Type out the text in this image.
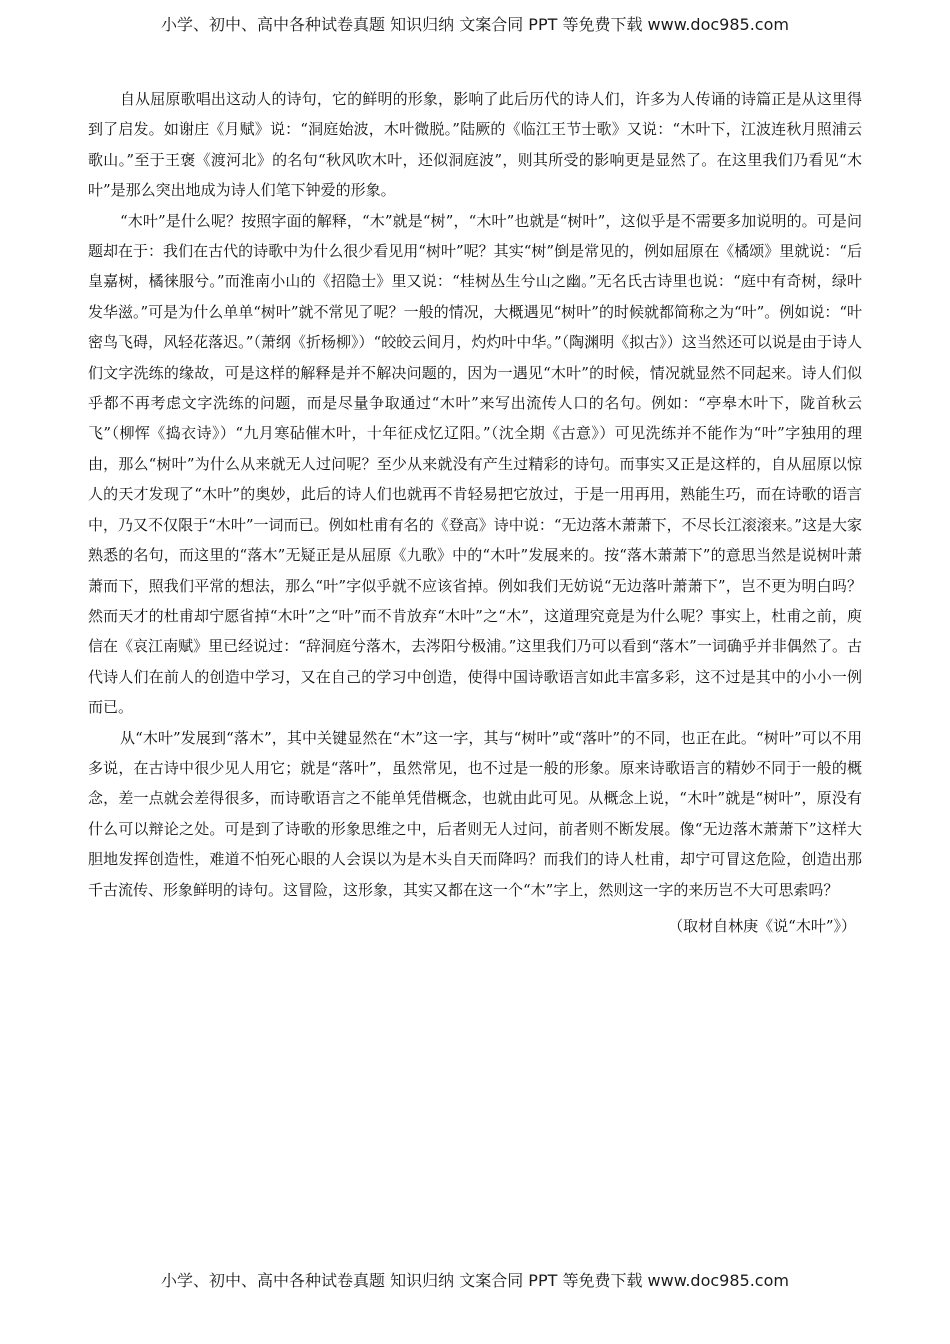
小学、初中、高中各种试卷真题 知识归纳 文案合同 PPT 等免费下载 www.doc985.com

自从屈原歌唱出这动人的诗句，它的鲜明的形象，影响了此后历代的诗人们，许多为人传诵的诗篇正是从这里得到了启发。如谢庄《月赋》说：“洞庭始波，木叶微脱。”陆厥的《临江王节士歌》又说：“木叶下，江波连秋月照浦云歌山。”至于王褒《渡河北》的名句“秋风吹木叶，还似洞庭波”，则其所受的影响更是显然了。在这里我们乃看见“木叶”是那么突出地成为诗人们笔下钟爱的形象。

“木叶”是什么呢？按照字面的解释，“木”就是“树”，“木叶”也就是“树叶”，这似乎是不需要多加说明的。可是问题却在于：我们在古代的诗歌中为什么很少看见用“树叶”呢？其实“树”倒是常见的，例如屈原在《橘颂》里就说：“后皇嘉树，橘徕服兮。”而淮南小山的《招隐士》里又说：“桂树丛生兮山之幽。”无名氏古诗里也说：“庭中有奇树，绿叶发华滋。”可是为什么单单“树叶”就不常见了呢？一般的情况，大概遇见“树叶”的时候就都简称之为“叶”。例如说：“叶密鸟飞碍，风轻花落迟。”（萧纲《折杨柳》）“皎皎云间月，灼灼叶中华。”（陶渊明《拟古》）这当然还可以说是由于诗人们文字洗练的缘故，可是这样的解释是并不解决问题的，因为一遇见“木叶”的时候，情况就显然不同起来。诗人们似乎都不再考虑文字洗练的问题，而是尽量争取通过“木叶”来写出流传人口的名句。例如：“亭皋木叶下，陇首秋云飞”（柳恽《捣衣诗》）“九月寒砧催木叶，十年征戍忆辽阳。”（沈全期《古意》）可见洗练并不能作为“叶”字独用的理由，那么“树叶”为什么从来就无人过问呢？至少从来就没有产生过精彩的诗句。而事实又正是这样的，自从屈原以惊人的天才发现了“木叶”的奥妙，此后的诗人们也就再不肯轻易把它放过，于是一用再用，熟能生巧，而在诗歌的语言中，乃又不仅限于“木叶”一词而已。例如杜甫有名的《登高》诗中说：“无边落木萧萧下，不尽长江滚滚来。”这是大家熟悉的名句，而这里的“落木”无疑正是从屈原《九歌》中的“木叶”发展来的。按“落木萧萧下”的意思当然是说树叶萧萧而下，照我们平常的想法，那么“叶”字似乎就不应该省掉。例如我们无妨说“无边落叶萧萧下”，岂不更为明白吗？然而天才的杜甫却宁愿省掉“木叶”之“叶”而不肯放弃“木叶”之“木”，这道理究竟是为什么呢？事实上，杜甫之前，庾信在《哀江南赋》里已经说过：“辞洞庭兮落木，去涔阳兮极浦。”这里我们乃可以看到“落木”一词确乎并非偶然了。古代诗人们在前人的创造中学习，又在自己的学习中创造，使得中国诗歌语言如此丰富多彩，这不过是其中的小小一例而已。

从“木叶”发展到“落木”，其中关键显然在“木”这一字，其与“树叶”或“落叶”的不同，也正在此。“树叶”可以不用多说，在古诗中很少见人用它；就是“落叶”，虽然常见，也不过是一般的形象。原来诗歌语言的精妙不同于一般的概念，差一点就会差得很多，而诗歌语言之不能单凭借概念，也就由此可见。从概念上说，“木叶”就是“树叶”，原没有什么可以辩论之处。可是到了诗歌的形象思维之中，后者则无人过问，前者则不断发展。像“无边落木萧萧下”这样大胆地发挥创造性，难道不怕死心眼的人会误以为是木头自天而降吗？而我们的诗人杜甫，却宁可冒这危险，创造出那千古流传、形象鲜明的诗句。这冒险，这形象，其实又都在这一个“木”字上，然则这一字的来历岂不大可思索吗？

（取材自林庚《说“木叶”》）

小学、初中、高中各种试卷真题 知识归纳 文案合同 PPT 等免费下载 www.doc985.com
